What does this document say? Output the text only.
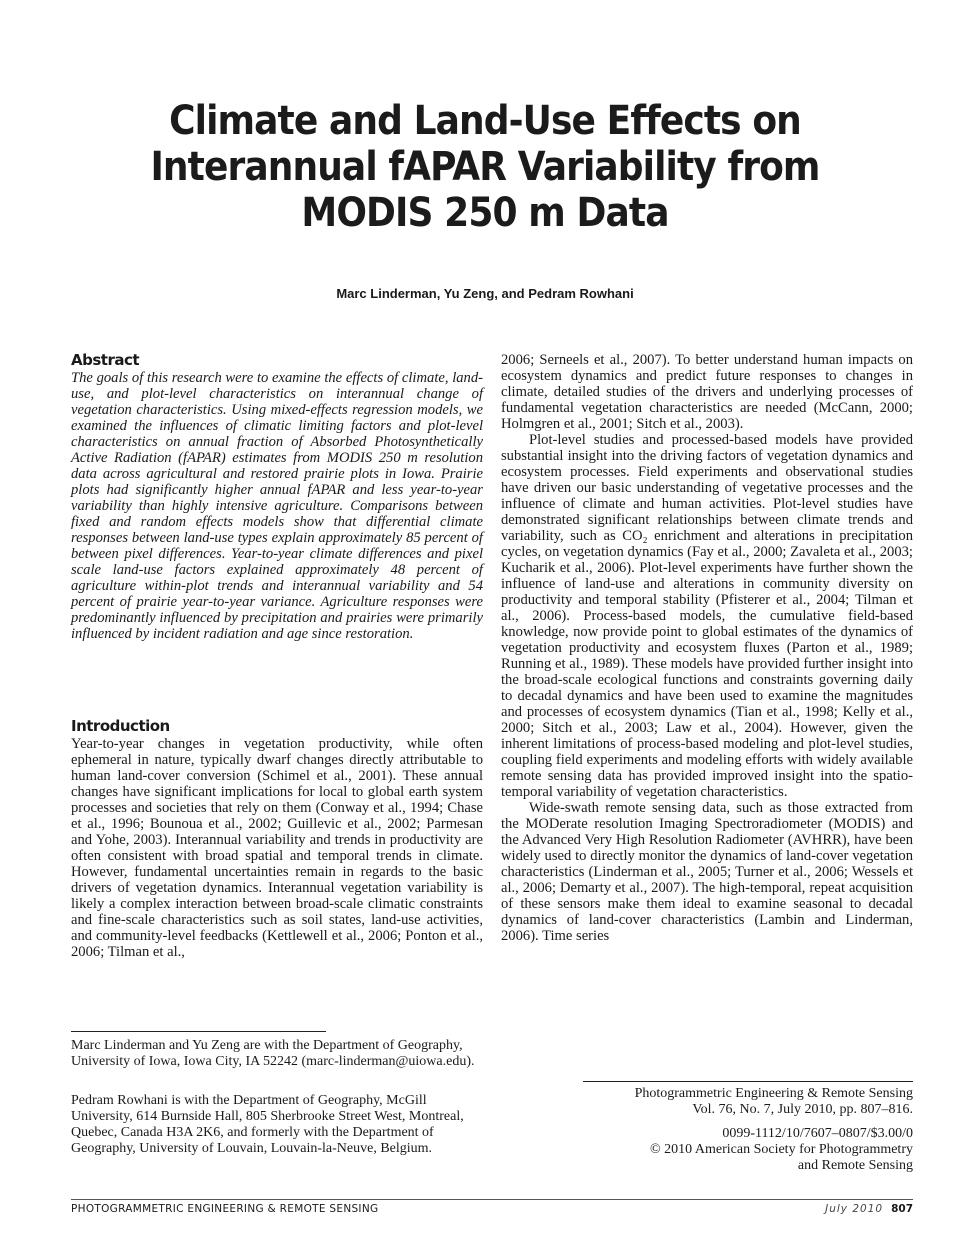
Climate and Land-Use Effects on Interannual fAPAR Variability from MODIS 250 m Data
Marc Linderman, Yu Zeng, and Pedram Rowhani
Abstract

The goals of this research were to examine the effects of climate, land-use, and plot-level characteristics on interannual change of vegetation characteristics. Using mixed-effects regression models, we examined the influences of climatic limiting factors and plot-level characteristics on annual fraction of Absorbed Photosynthetically Active Radiation (fAPAR) estimates from MODIS 250 m resolution data across agricultural and restored prairie plots in Iowa. Prairie plots had significantly higher annual fAPAR and less year-to-year variability than highly intensive agriculture. Comparisons between fixed and random effects models show that differential climate responses between land-use types explain approximately 85 percent of between pixel differences. Year-to-year climate differences and pixel scale land-use factors explained approximately 48 percent of agriculture within-plot trends and interannual variability and 54 percent of prairie year-to-year variance. Agriculture responses were predominantly influenced by precipitation and prairies were primarily influenced by incident radiation and age since restoration.

Introduction

Year-to-year changes in vegetation productivity, while often ephemeral in nature, typically dwarf changes directly attributable to human land-cover conversion (Schimel et al., 2001). These annual changes have significant implications for local to global earth system processes and societies that rely on them (Conway et al., 1994; Chase et al., 1996; Bounoua et al., 2002; Guillevic et al., 2002; Parmesan and Yohe, 2003). Interannual variability and trends in productivity are often consistent with broad spatial and temporal trends in climate. However, fundamental uncertainties remain in regards to the basic drivers of vegetation dynamics. Interannual vegetation variability is likely a complex interaction between broad-scale climatic constraints and fine-scale characteristics such as soil states, land-use activities, and community-level feedbacks (Kettlewell et al., 2006; Ponton et al., 2006; Tilman et al.,

2006; Serneels et al., 2007). To better understand human impacts on ecosystem dynamics and predict future responses to changes in climate, detailed studies of the drivers and underlying processes of fundamental vegetation characteristics are needed (McCann, 2000; Holmgren et al., 2001; Sitch et al., 2003).

Plot-level studies and processed-based models have provided substantial insight into the driving factors of vegetation dynamics and ecosystem processes. Field experiments and observational studies have driven our basic understanding of vegetative processes and the influence of climate and human activities. Plot-level studies have demonstrated significant relationships between climate trends and variability, such as CO₂ enrichment and alterations in precipitation cycles, on vegetation dynamics (Fay et al., 2000; Zavaleta et al., 2003; Kucharik et al., 2006). Plot-level experiments have further shown the influence of land-use and alterations in community diversity on productivity and temporal stability (Pfisterer et al., 2004; Tilman et al., 2006). Process-based models, the cumulative field-based knowledge, now provide point to global estimates of the dynamics of vegetation productivity and ecosystem fluxes (Parton et al., 1989; Running et al., 1989). These models have provided further insight into the broad-scale ecological functions and constraints governing daily to decadal dynamics and have been used to examine the magnitudes and processes of ecosystem dynamics (Tian et al., 1998; Kelly et al., 2000; Sitch et al., 2003; Law et al., 2004). However, given the inherent limitations of process-based modeling and plot-level studies, coupling field experiments and modeling efforts with widely available remote sensing data has provided improved insight into the spatio-temporal variability of vegetation characteristics.

Wide-swath remote sensing data, such as those extracted from the MODerate resolution Imaging Spectroradiometer (MODIS) and the Advanced Very High Resolution Radiometer (AVHRR), have been widely used to directly monitor the dynamics of land-cover vegetation characteristics (Linderman et al., 2005; Turner et al., 2006; Wessels et al., 2006; Demarty et al., 2007). The high-temporal, repeat acquisition of these sensors make them ideal to examine seasonal to decadal dynamics of land-cover characteristics (Lambin and Linderman, 2006). Time series

Marc Linderman and Yu Zeng are with the Department of Geography, University of Iowa, Iowa City, IA 52242 (marc-linderman@uiowa.edu).
Pedram Rowhani is with the Department of Geography, McGill University, 614 Burnside Hall, 805 Sherbrooke Street West, Montreal, Quebec, Canada H3A 2K6, and formerly with the Department of Geography, University of Louvain, Louvain-la-Neuve, Belgium.
Photogrammetric Engineering & Remote Sensing
Vol. 76, No. 7, July 2010, pp. 807–816.
0099-1112/10/7607–0807/$3.00/0
© 2010 American Society for Photogrammetry
and Remote Sensing
PHOTOGRAMMETRIC ENGINEERING & REMOTE SENSING	July 2010 807
